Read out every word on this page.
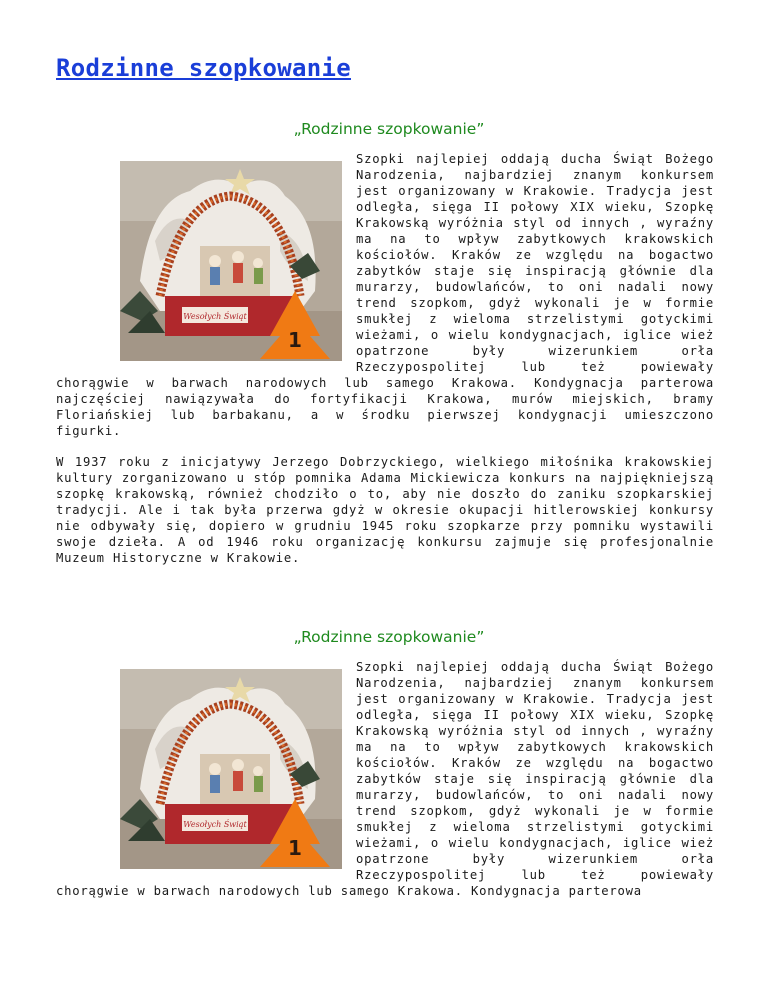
Rodzinne szopkowanie
„Rodzinne szopkowanie”
Wesołych Świąt
1

Szopki najlepiej oddają ducha Świąt Bożego Narodzenia, najbardziej znanym konkursem jest organizowany w Krakowie. Tradycja jest odległa, sięga II połowy XIX wieku, Szopkę Krakowską wyróżnia styl od innych , wyraźny ma na to wpływ zabytkowych krakowskich kościołów. Kraków ze względu na bogactwo zabytków staje się inspiracją głównie dla murarzy, budowlańców, to oni nadali nowy trend szopkom, gdyż wykonali je w formie smukłej z wieloma strzelistymi gotyckimi wieżami, o wielu kondygnacjach, iglice wież opatrzone były wizerunkiem orła Rzeczypospolitej lub też powiewały chorągwie w barwach narodowych lub samego Krakowa. Kondygnacja parterowa najczęściej nawiązywała do fortyfikacji Krakowa, murów miejskich, bramy Floriańskiej lub barbakanu, a w środku pierwszej kondygnacji umieszczono figurki.

W 1937 roku z inicjatywy Jerzego Dobrzyckiego, wielkiego miłośnika krakowskiej kultury zorganizowano u stóp pomnika Adama Mickiewicza konkurs na najpiękniejszą szopkę krakowską, również chodziło o to, aby nie doszło do zaniku szopkarskiej tradycji. Ale i tak była przerwa gdyż w okresie okupacji hitlerowskiej konkursy nie odbywały się, dopiero w grudniu 1945 roku szopkarze przy pomniku wystawili swoje dzieła. A od 1946 roku organizację konkursu zajmuje się profesjonalnie Muzeum Historyczne w Krakowie.

„Rodzinne szopkowanie”
Wesołych Świąt
1

Szopki najlepiej oddają ducha Świąt Bożego Narodzenia, najbardziej znanym konkursem jest organizowany w Krakowie. Tradycja jest odległa, sięga II połowy XIX wieku, Szopkę Krakowską wyróżnia styl od innych , wyraźny ma na to wpływ zabytkowych krakowskich kościołów. Kraków ze względu na bogactwo zabytków staje się inspiracją głównie dla murarzy, budowlańców, to oni nadali nowy trend szopkom, gdyż wykonali je w formie smukłej z wieloma strzelistymi gotyckimi wieżami, o wielu kondygnacjach, iglice wież opatrzone były wizerunkiem orła Rzeczypospolitej lub też powiewały chorągwie w barwach narodowych lub samego Krakowa. Kondygnacja parterowa
